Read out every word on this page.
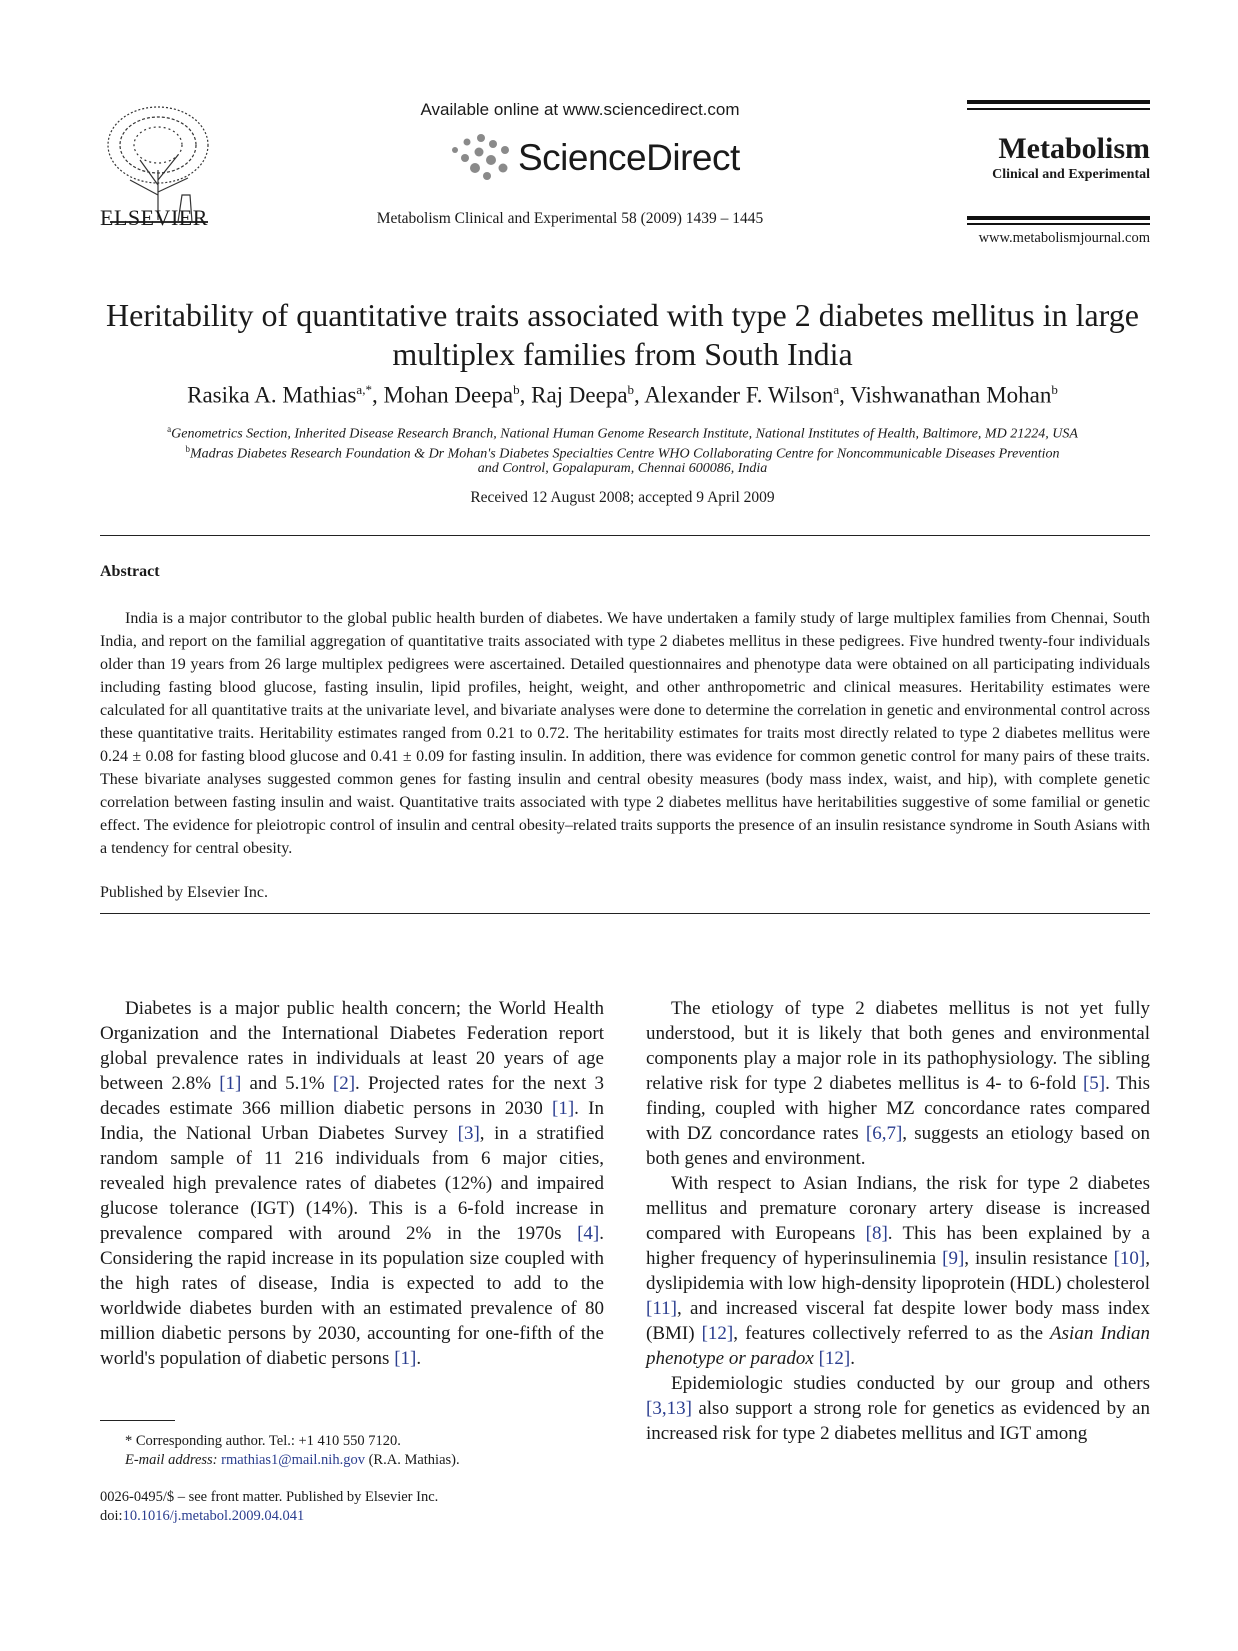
ELSEVIER
Available online at www.sciencedirect.com
ScienceDirect
Metabolism Clinical and Experimental 58 (2009) 1439 – 1445
Metabolism
Clinical and Experimental
www.metabolismjournal.com
Heritability of quantitative traits associated with type 2 diabetes mellitus in large multiplex families from South India
Rasika A. Mathias$^{a,*}$, Mohan Deepa$^b$, Raj Deepa$^b$, Alexander F. Wilson$^a$, Vishwanathan Mohan$^b$
$^a$Genometrics Section, Inherited Disease Research Branch, National Human Genome Research Institute, National Institutes of Health, Baltimore, MD 21224, USA
$^b$Madras Diabetes Research Foundation & Dr Mohan's Diabetes Specialties Centre WHO Collaborating Centre for Noncommunicable Diseases Prevention
and Control, Gopalapuram, Chennai 600086, India
Received 12 August 2008; accepted 9 April 2009
Abstract
India is a major contributor to the global public health burden of diabetes. We have undertaken a family study of large multiplex families from Chennai, South India, and report on the familial aggregation of quantitative traits associated with type 2 diabetes mellitus in these pedigrees. Five hundred twenty-four individuals older than 19 years from 26 large multiplex pedigrees were ascertained. Detailed questionnaires and phenotype data were obtained on all participating individuals including fasting blood glucose, fasting insulin, lipid profiles, height, weight, and other anthropometric and clinical measures. Heritability estimates were calculated for all quantitative traits at the univariate level, and bivariate analyses were done to determine the correlation in genetic and environmental control across these quantitative traits. Heritability estimates ranged from 0.21 to 0.72. The heritability estimates for traits most directly related to type 2 diabetes mellitus were 0.24 ± 0.08 for fasting blood glucose and 0.41 ± 0.09 for fasting insulin. In addition, there was evidence for common genetic control for many pairs of these traits. These bivariate analyses suggested common genes for fasting insulin and central obesity measures (body mass index, waist, and hip), with complete genetic correlation between fasting insulin and waist. Quantitative traits associated with type 2 diabetes mellitus have heritabilities suggestive of some familial or genetic effect. The evidence for pleiotropic control of insulin and central obesity–related traits supports the presence of an insulin resistance syndrome in South Asians with a tendency for central obesity.
Published by Elsevier Inc.

Diabetes is a major public health concern; the World Health Organization and the International Diabetes Federation report global prevalence rates in individuals at least 20 years of age between 2.8% [1] and 5.1% [2]. Projected rates for the next 3 decades estimate 366 million diabetic persons in 2030 [1]. In India, the National Urban Diabetes Survey [3], in a stratified random sample of 11 216 individuals from 6 major cities, revealed high prevalence rates of diabetes (12%) and impaired glucose tolerance (IGT) (14%). This is a 6-fold increase in prevalence compared with around 2% in the 1970s [4]. Considering the rapid increase in its population size coupled with the high rates of disease, India is expected to add to the worldwide diabetes burden with an estimated prevalence of 80 million diabetic persons by 2030, accounting for one-fifth of the world's population of diabetic persons [1].

The etiology of type 2 diabetes mellitus is not yet fully understood, but it is likely that both genes and environmental components play a major role in its pathophysiology. The sibling relative risk for type 2 diabetes mellitus is 4- to 6-fold [5]. This finding, coupled with higher MZ concordance rates compared with DZ concordance rates [6,7], suggests an etiology based on both genes and environment.

With respect to Asian Indians, the risk for type 2 diabetes mellitus and premature coronary artery disease is increased compared with Europeans [8]. This has been explained by a higher frequency of hyperinsulinemia [9], insulin resistance [10], dyslipidemia with low high-density lipoprotein (HDL) cholesterol [11], and increased visceral fat despite lower body mass index (BMI) [12], features collectively referred to as the Asian Indian phenotype or paradox [12].

Epidemiologic studies conducted by our group and others [3,13] also support a strong role for genetics as evidenced by an increased risk for type 2 diabetes mellitus and IGT among

* Corresponding author. Tel.: +1 410 550 7120.
E-mail address: rmathias1@mail.nih.gov (R.A. Mathias).
0026-0495/$ – see front matter. Published by Elsevier Inc.
doi:10.1016/j.metabol.2009.04.041
